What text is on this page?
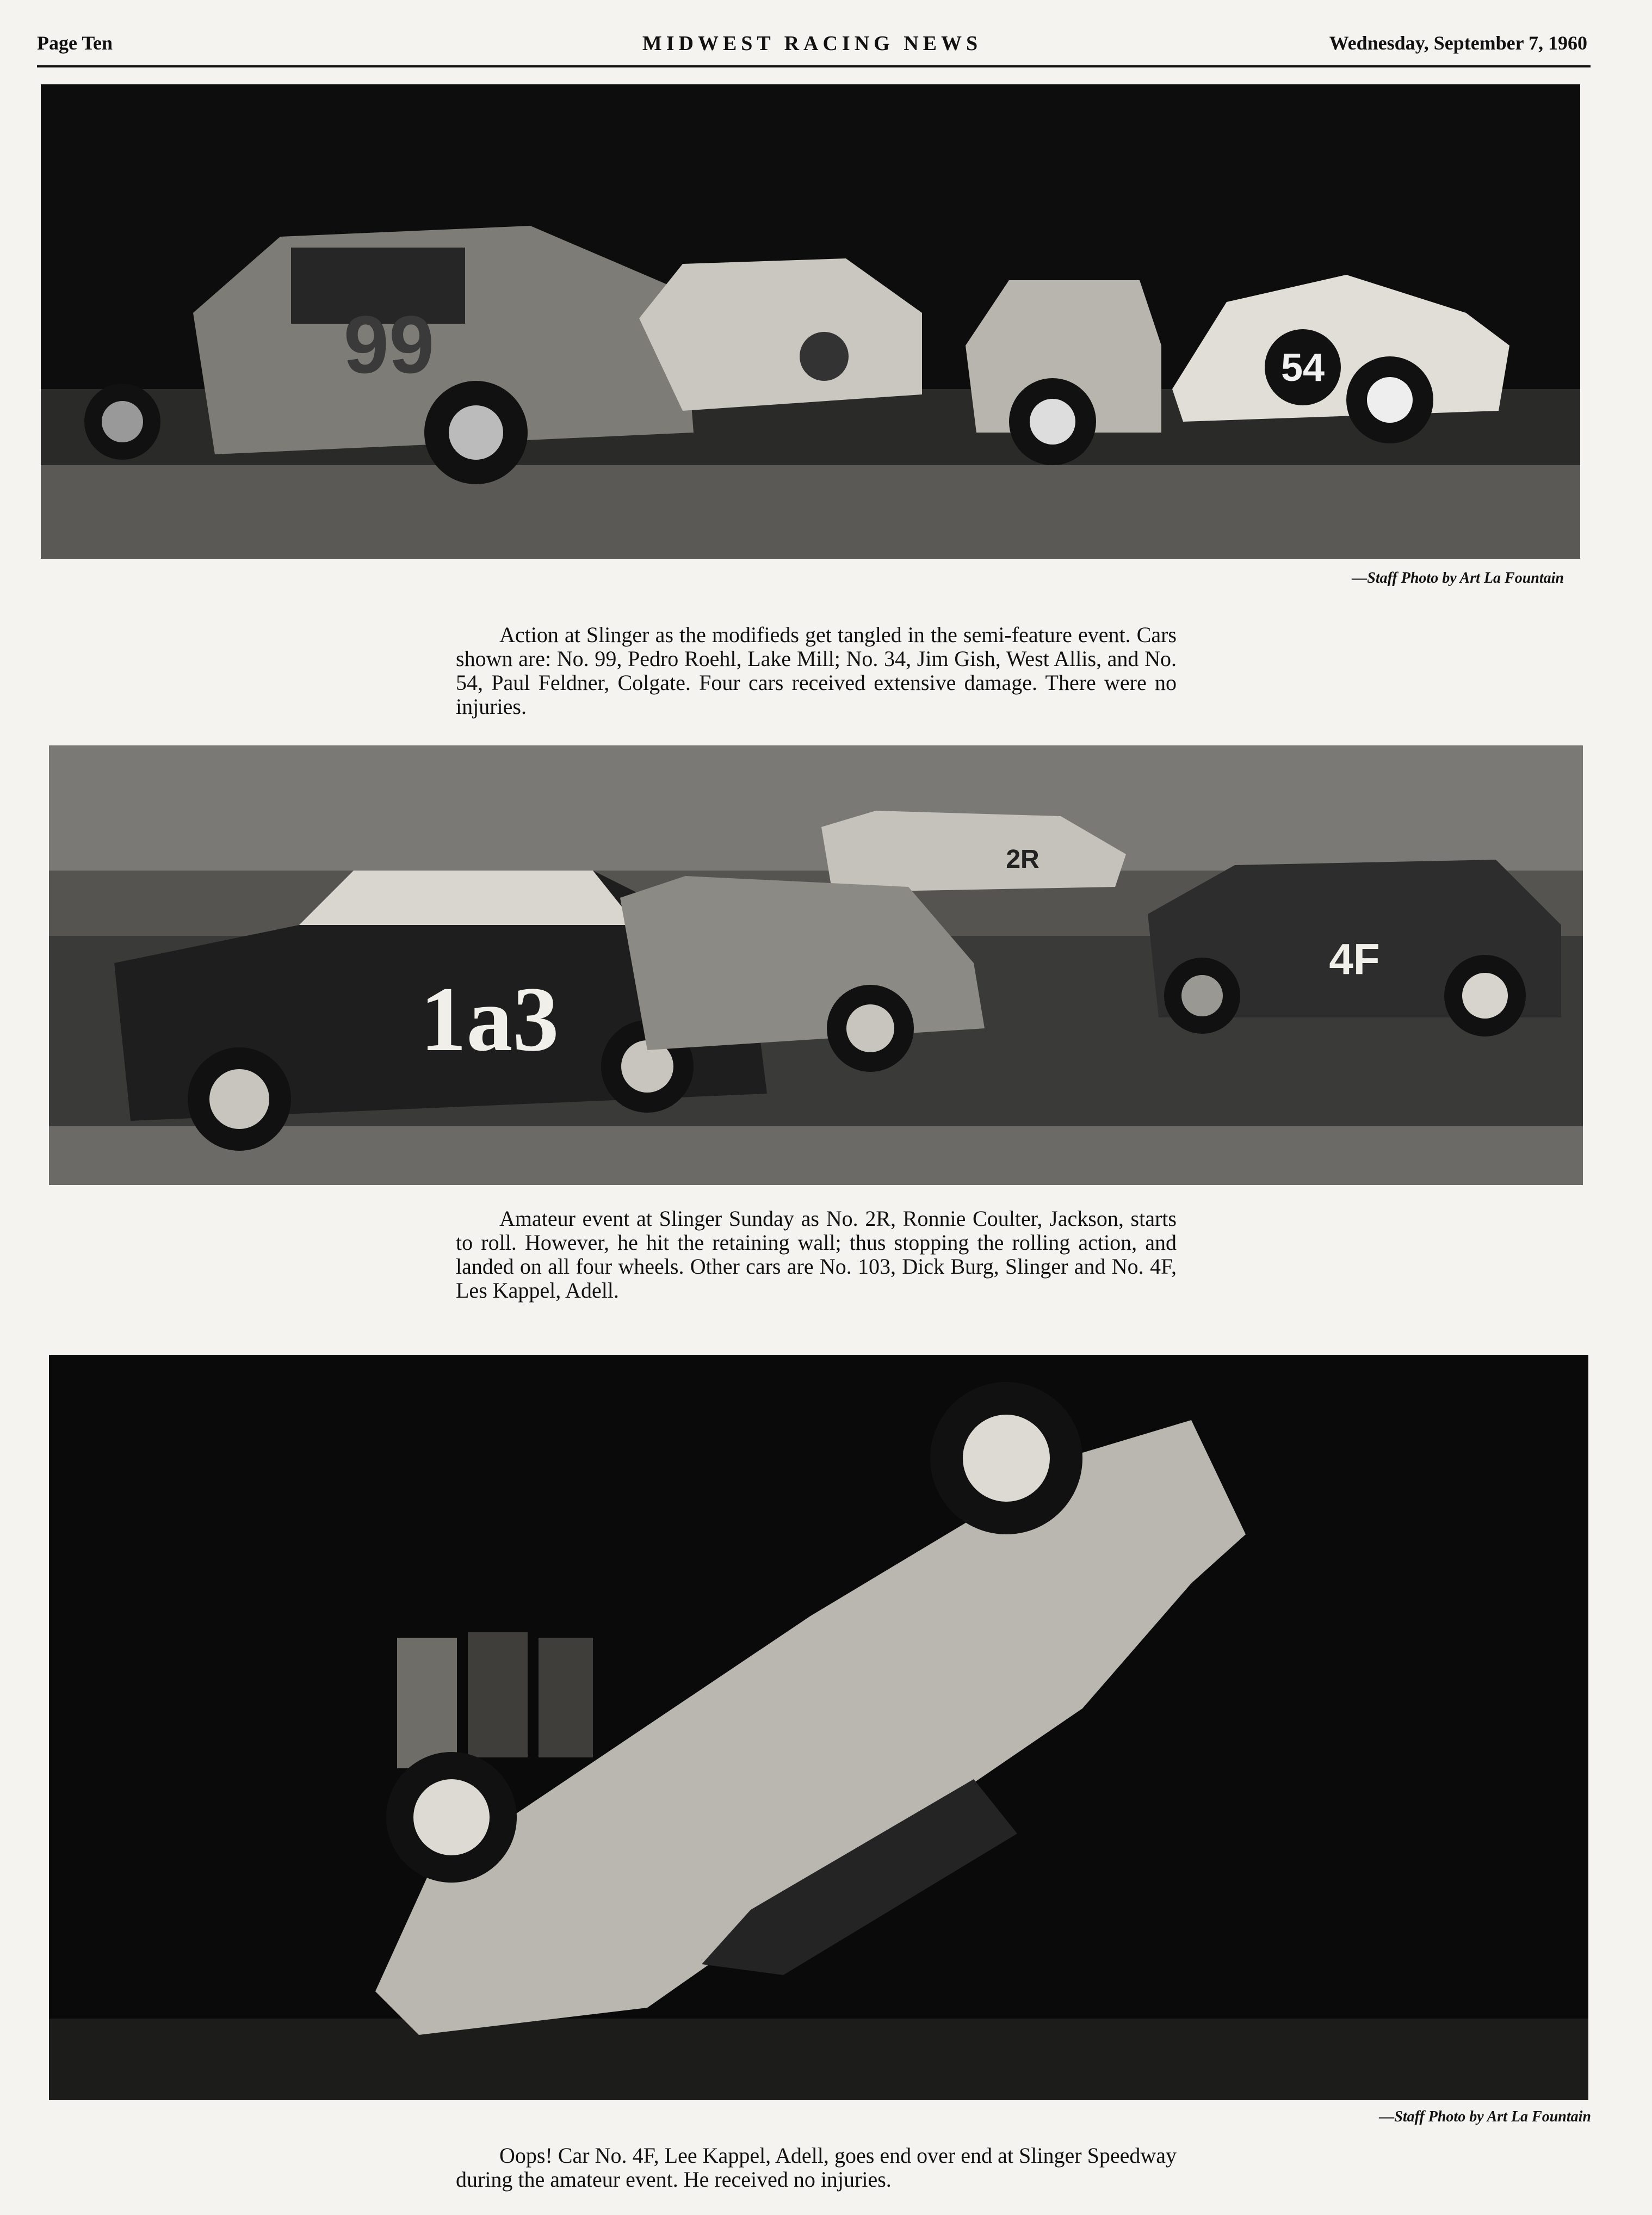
Page Ten	MIDWEST RACING NEWS	Wednesday, September 7, 1960
54
99
—Staff Photo by Art La Fountain

Action at Slinger as the modifieds get tangled in the semi-feature event. Cars shown are: No. 99, Pedro Roehl, Lake Mill; No. 34, Jim Gish, West Allis, and No. 54, Paul Feldner, Colgate. Four cars received extensive damage. There were no injuries.

1a3
2R
4F

Amateur event at Slinger Sunday as No. 2R, Ronnie Coulter, Jackson, starts to roll. However, he hit the retaining wall; thus stopping the rolling action, and landed on all four wheels. Other cars are No. 103, Dick Burg, Slinger and No. 4F, Les Kappel, Adell.

—Staff Photo by Art La Fountain

Oops! Car No. 4F, Lee Kappel, Adell, goes end over end at Slinger Speedway during the amateur event. He received no injuries.
